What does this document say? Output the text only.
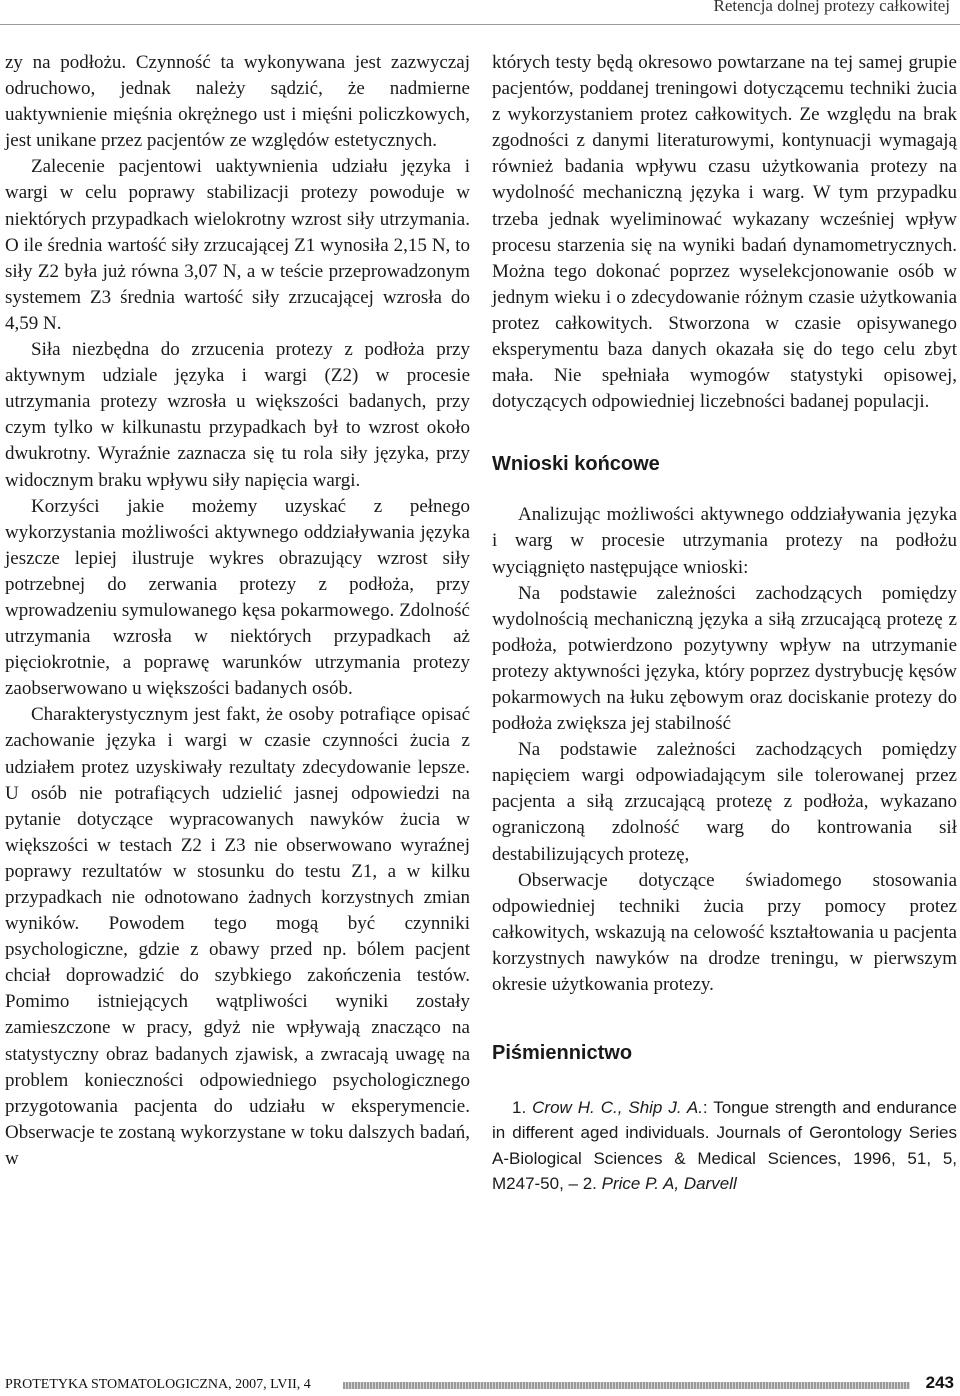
Retencja dolnej protezy całkowitej

zy na podłożu. Czynność ta wykonywana jest zazwyczaj odruchowo, jednak należy sądzić, że nadmierne uaktywnienie mięśnia okrężnego ust i mięśni policzkowych, jest unikane przez pacjentów ze względów estetycznych.

Zalecenie pacjentowi uaktywnienia udziału języka i wargi w celu poprawy stabilizacji protezy powoduje w niektórych przypadkach wielokrotny wzrost siły utrzymania. O ile średnia wartość siły zrzucającej Z1 wynosiła 2,15 N, to siły Z2 była już równa 3,07 N, a w teście przeprowadzonym systemem Z3 średnia wartość siły zrzucającej wzrosła do 4,59 N.

Siła niezbędna do zrzucenia protezy z podłoża przy aktywnym udziale języka i wargi (Z2) w procesie utrzymania protezy wzrosła u większości badanych, przy czym tylko w kilkunastu przypadkach był to wzrost około dwukrotny. Wyraźnie zaznacza się tu rola siły języka, przy widocznym braku wpływu siły napięcia wargi.

Korzyści jakie możemy uzyskać z pełnego wykorzystania możliwości aktywnego oddziaływania języka jeszcze lepiej ilustruje wykres obrazujący wzrost siły potrzebnej do zerwania protezy z podłoża, przy wprowadzeniu symulowanego kęsa pokarmowego. Zdolność utrzymania wzrosła w niektórych przypadkach aż pięciokrotnie, a poprawę warunków utrzymania protezy zaobserwowano u większości badanych osób.

Charakterystycznym jest fakt, że osoby potrafiące opisać zachowanie języka i wargi w czasie czynności żucia z udziałem protez uzyskiwały rezultaty zdecydowanie lepsze. U osób nie potrafiących udzielić jasnej odpowiedzi na pytanie dotyczące wypracowanych nawyków żucia w większości w testach Z2 i Z3 nie obserwowano wyraźnej poprawy rezultatów w stosunku do testu Z1, a w kilku przypadkach nie odnotowano żadnych korzystnych zmian wyników. Powodem tego mogą być czynniki psychologiczne, gdzie z obawy przed np. bólem pacjent chciał doprowadzić do szybkiego zakończenia testów. Pomimo istniejących wątpliwości wyniki zostały zamieszczone w pracy, gdyż nie wpływają znacząco na statystyczny obraz badanych zjawisk, a zwracają uwagę na problem konieczności odpowiedniego psychologicznego przygotowania pacjenta do udziału w eksperymencie. Obserwacje te zostaną wykorzystane w toku dalszych badań, w

których testy będą okresowo powtarzane na tej samej grupie pacjentów, poddanej treningowi dotyczącemu techniki żucia z wykorzystaniem protez całkowitych. Ze względu na brak zgodności z danymi literaturowymi, kontynuacji wymagają również badania wpływu czasu użytkowania protezy na wydolność mechaniczną języka i warg. W tym przypadku trzeba jednak wyeliminować wykazany wcześniej wpływ procesu starzenia się na wyniki badań dynamometrycznych. Można tego dokonać poprzez wyselekcjonowanie osób w jednym wieku i o zdecydowanie różnym czasie użytkowania protez całkowitych. Stworzona w czasie opisywanego eksperymentu baza danych okazała się do tego celu zbyt mała. Nie spełniała wymogów statystyki opisowej, dotyczących odpowiedniej liczebności badanej populacji.

Wnioski końcowe

Analizując możliwości aktywnego oddziaływania języka i warg w procesie utrzymania protezy na podłożu wyciągnięto następujące wnioski:

Na podstawie zależności zachodzących pomiędzy wydolnością mechaniczną języka a siłą zrzucającą protezę z podłoża, potwierdzono pozytywny wpływ na utrzymanie protezy aktywności języka, który poprzez dystrybucję kęsów pokarmowych na łuku zębowym oraz dociskanie protezy do podłoża zwiększa jej stabilność

Na podstawie zależności zachodzących pomiędzy napięciem wargi odpowiadającym sile tolerowanej przez pacjenta a siłą zrzucającą protezę z podłoża, wykazano ograniczoną zdolność warg do kontrowania sił destabilizujących protezę,

Obserwacje dotyczące świadomego stosowania odpowiedniej techniki żucia przy pomocy protez całkowitych, wskazują na celowość kształtowania u pacjenta korzystnych nawyków na drodze treningu, w pierwszym okresie użytkowania protezy.

Piśmiennictwo

1. Crow H. C., Ship J. A.: Tongue strength and endurance in different aged individuals. Journals of Gerontology Series A-Biological Sciences & Medical Sciences, 1996, 51, 5, M247-50, – 2. Price P. A, Darvell

PROTETYKA STOMATOLOGICZNA, 2007, LVII, 4	243
